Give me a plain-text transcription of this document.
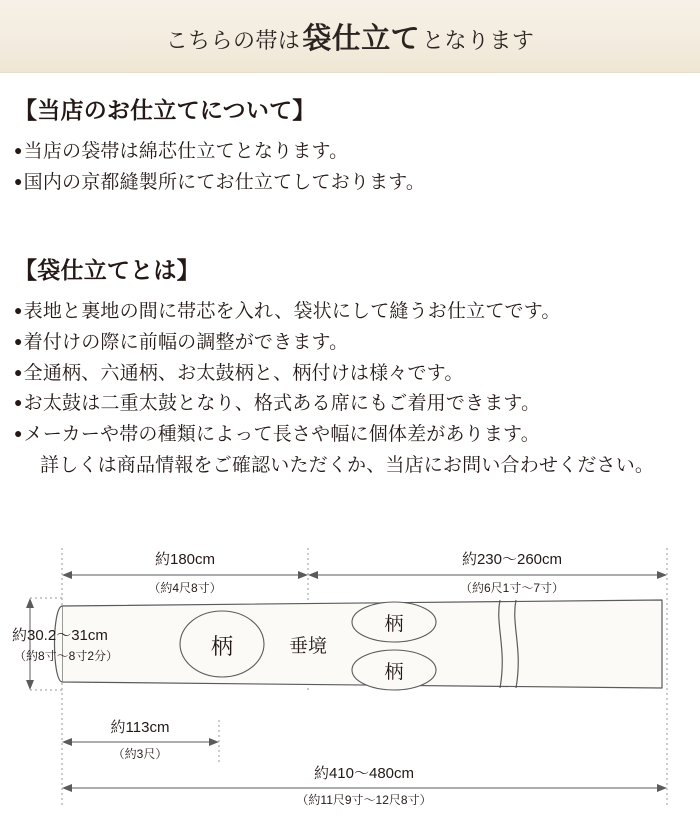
こちらの帯は 袋仕立て となります
【当店のお仕立てについて】
●当店の袋帯は綿芯仕立てとなります。
●国内の京都縫製所にてお仕立てしております。
【袋仕立てとは】
●表地と裏地の間に帯芯を入れ、袋状にして縫うお仕立てです。
●着付けの際に前幅の調整ができます。
●全通柄、六通柄、お太鼓柄と、柄付けは様々です。
●お太鼓は二重太鼓となり、格式ある席にもご着用できます。
●メーカーや帯の種類によって長さや幅に個体差があります。
詳しくは商品情報をご確認いただくか、当店にお問い合わせください。
柄
柄
柄
垂境
約180cm
（約4尺8寸）
約230〜260cm
（約6尺1寸〜7寸）
約30.2〜31cm
（約8寸〜8寸2分）
約113cm
（約3尺）
約410〜480cm
（約11尺9寸〜12尺8寸）
